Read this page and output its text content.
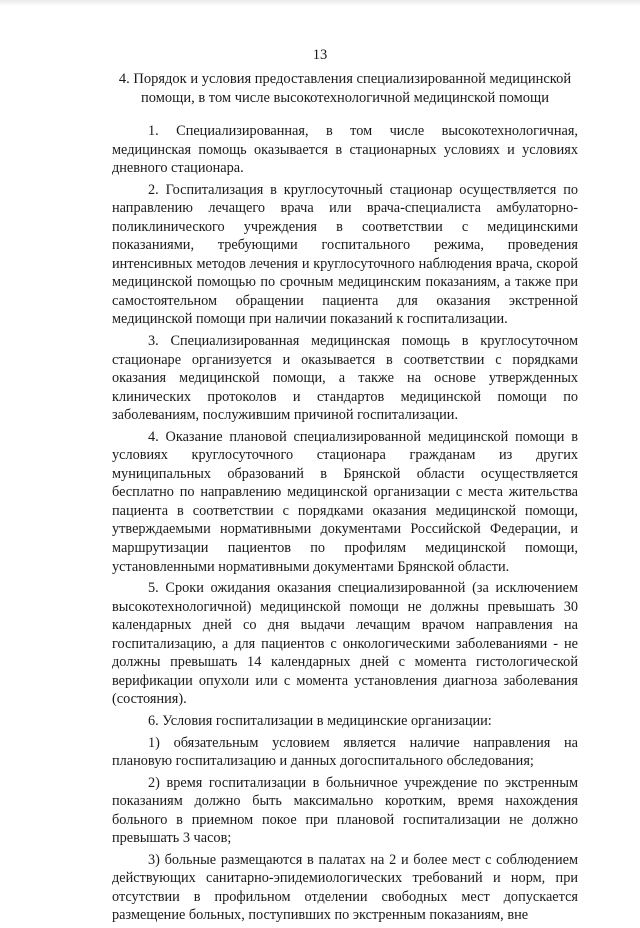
13
4. Порядок и условия предоставления специализированной медицинской помощи, в том числе высокотехнологичной медицинской помощи

1. Специализированная, в том числе высокотехнологичная, медицинская помощь оказывается в стационарных условиях и условиях дневного стационара.

2. Госпитализация в круглосуточный стационар осуществляется по направлению лечащего врача или врача-специалиста амбулаторно-поликлинического учреждения в соответствии с медицинскими показаниями, требующими госпитального режима, проведения интенсивных методов лечения и круглосуточного наблюдения врача, скорой медицинской помощью по срочным медицинским показаниям, а также при самостоятельном обращении пациента для оказания экстренной медицинской помощи при наличии показаний к госпитализации.

3. Специализированная медицинская помощь в круглосуточном стационаре организуется и оказывается в соответствии с порядками оказания медицинской помощи, а также на основе утвержденных клинических протоколов и стандартов медицинской помощи по заболеваниям, послужившим причиной госпитализации.

4. Оказание плановой специализированной медицинской помощи в условиях круглосуточного стационара гражданам из других муниципальных образований в Брянской области осуществляется бесплатно по направлению медицинской организации с места жительства пациента в соответствии с порядками оказания медицинской помощи, утверждаемыми нормативными документами Российской Федерации, и маршрутизации пациентов по профилям медицинской помощи, установленными нормативными документами Брянской области.

5. Сроки ожидания оказания специализированной (за исключением высокотехнологичной) медицинской помощи не должны превышать 30 календарных дней со дня выдачи лечащим врачом направления на госпитализацию, а для пациентов с онкологическими заболеваниями - не должны превышать 14 календарных дней с момента гистологической верификации опухоли или с момента установления диагноза заболевания (состояния).

6. Условия госпитализации в медицинские организации:

1) обязательным условием является наличие направления на плановую госпитализацию и данных догоспитального обследования;

2) время госпитализации в больничное учреждение по экстренным показаниям должно быть максимально коротким, время нахождения больного в приемном покое при плановой госпитализации не должно превышать 3 часов;

3) больные размещаются в палатах на 2 и более мест с соблюдением действующих санитарно-эпидемиологических требований и норм, при отсутствии в профильном отделении свободных мест допускается размещение больных, поступивших по экстренным показаниям, вне
